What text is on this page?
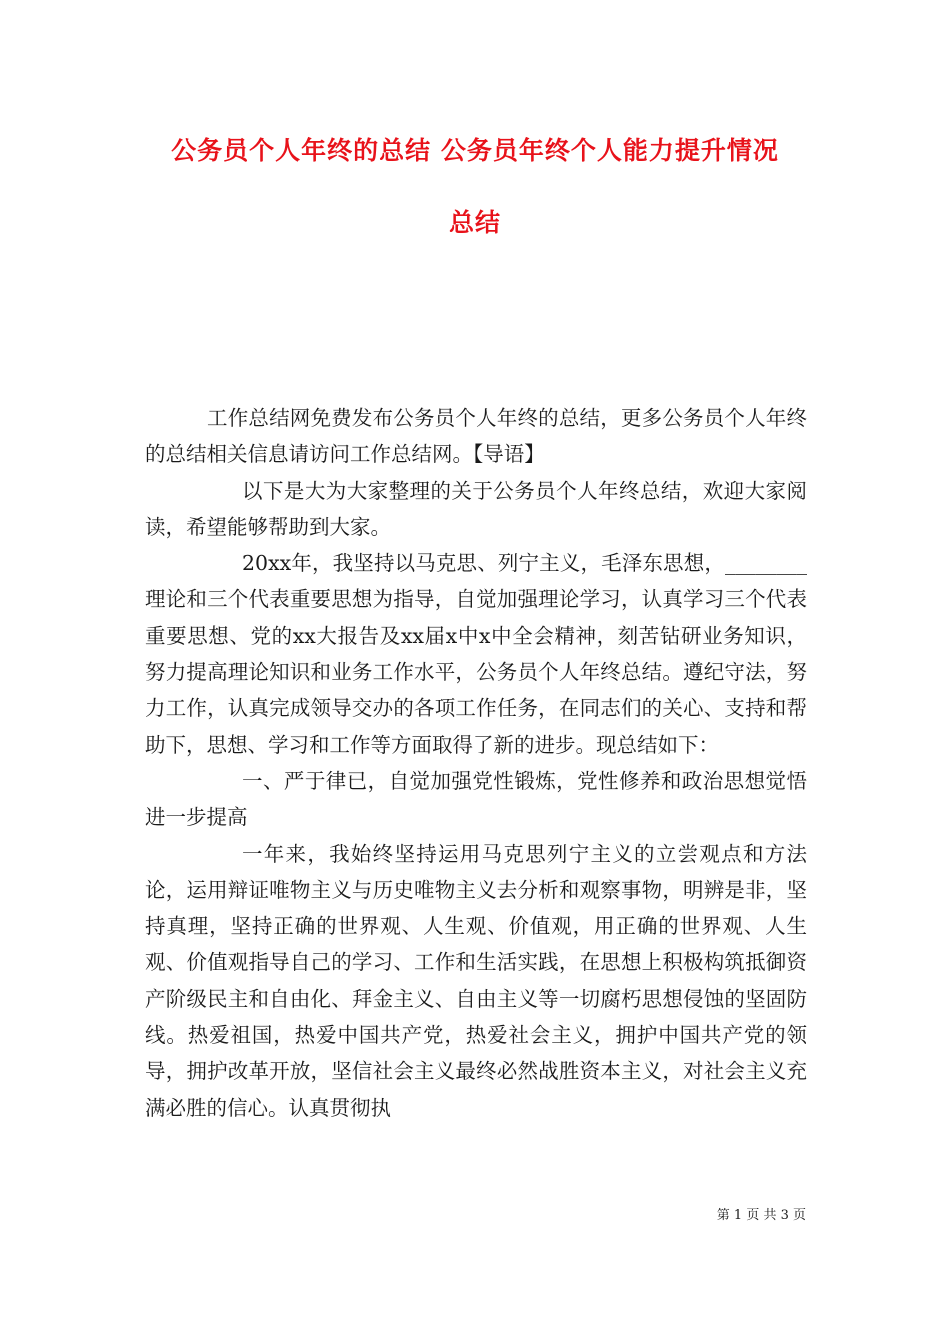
公务员个人年终的总结 公务员年终个人能力提升情况
总结

工作总结网免费发布公务员个人年终的总结，更多公务员个人年终的总结相关信息请访问工作总结网。【导语】

以下是大为大家整理的关于公务员个人年终总结，欢迎大家阅读，希望能够帮助到大家。

20xx年，我坚持以马克思、列宁主义，毛泽东思想，________理论和三个代表重要思想为指导，自觉加强理论学习，认真学习三个代表重要思想、党的xx大报告及xx届x中x中全会精神，刻苦钻研业务知识，努力提高理论知识和业务工作水平，公务员个人年终总结。遵纪守法，努力工作，认真完成领导交办的各项工作任务，在同志们的关心、支持和帮助下，思想、学习和工作等方面取得了新的进步。现总结如下：

一、严于律已，自觉加强党性锻炼，党性修养和政治思想觉悟进一步提高

一年来，我始终坚持运用马克思列宁主义的立尝观点和方法论，运用辩证唯物主义与历史唯物主义去分析和观察事物，明辨是非，坚持真理，坚持正确的世界观、人生观、价值观，用正确的世界观、人生观、价值观指导自己的学习、工作和生活实践，在思想上积极构筑抵御资产阶级民主和自由化、拜金主义、自由主义等一切腐朽思想侵蚀的坚固防线。热爱祖国，热爱中国共产党，热爱社会主义，拥护中国共产党的领导，拥护改革开放，坚信社会主义最终必然战胜资本主义，对社会主义充满必胜的信心。认真贯彻执

第 1 页 共 3 页
